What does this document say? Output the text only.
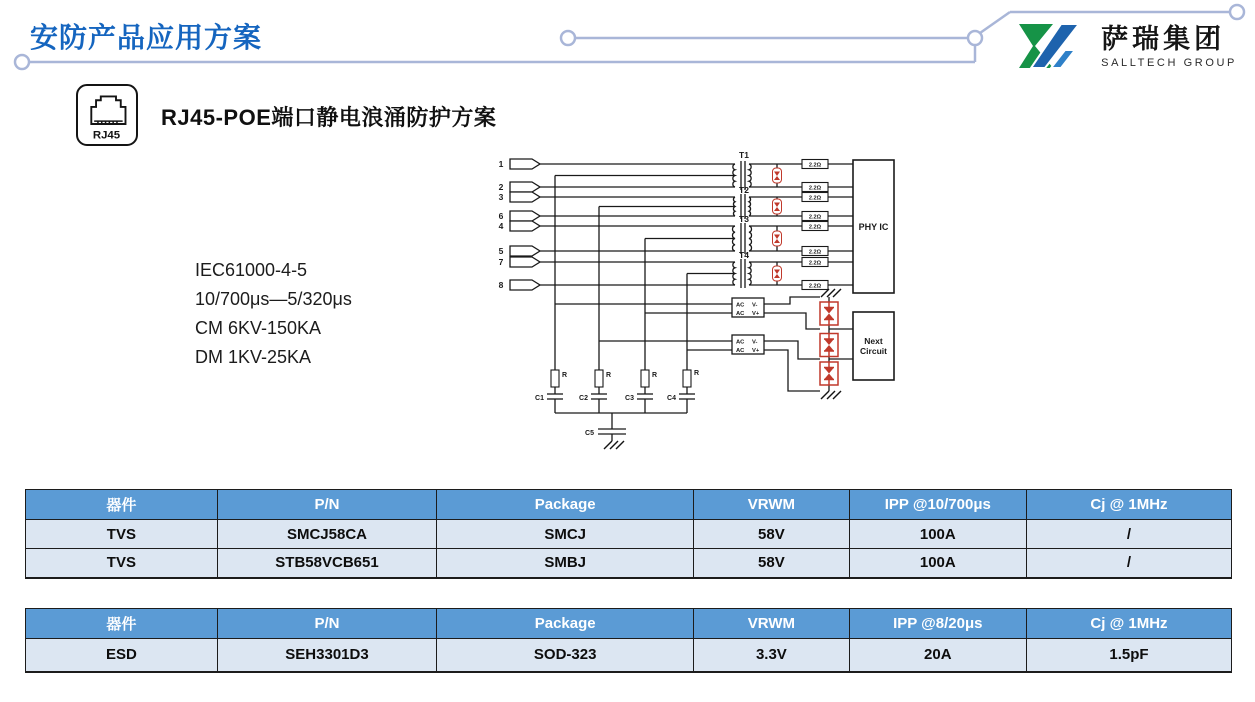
安防产品应用方案	萨瑞集团
SALLTECH GROUP
RJ45
RJ45-POE端口静电浪涌防护方案
IEC61000-4-5
10/700μs—5/320μs
CM 6KV-150KA
DM 1KV-25KA
1
2
3
6
4
5
7
8
T1
T2
T3
T4
2.2Ω
2.2Ω
2.2Ω
2.2Ω
2.2Ω
2.2Ω
2.2Ω
2.2Ω
PHY IC
AC
AC
V-
V+
AC
AC
V-
V+
Next
Circuit
R	R	R	R
C1	C2	C3	C4
C5
器件	P/N	Package	VRWM	IPP @10/700μs	Cj @ 1MHz
TVS	SMCJ58CA	SMCJ	58V	100A	/
TVS	STB58VCB651	SMBJ	58V	100A	/
器件	P/N	Package	VRWM	IPP @8/20μs	Cj @ 1MHz
ESD	SEH3301D3	SOD-323	3.3V	20A	1.5pF
